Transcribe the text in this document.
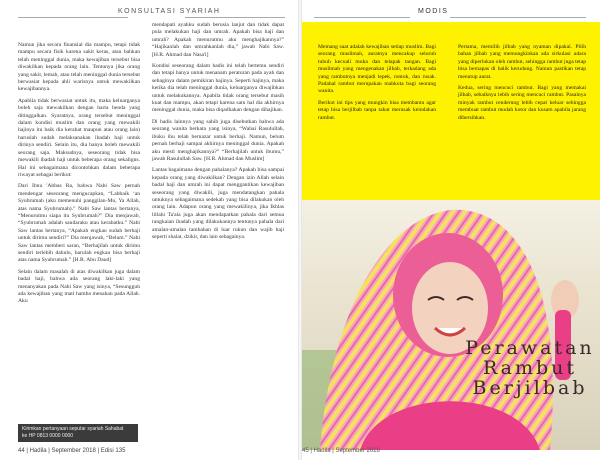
KONSULTASI SYARIAH

Namun jika secara finansial dia mampu, tetapi tidak mampu secara fisik karena sakit keras, atau bahkan telah meninggal dunia, maka kewajiban tersebut bisa diwakilkan kepada orang lain. Tentunya jika orang yang sakit, lemah, atau telah meninggal dunia tersebut berwasiat kepada ahli warisnya untuk mewakilkan kewajibannya.

Apabila tidak berwasiat untuk itu, maka keluarganya boleh saja mewakilkan dengan harta benda yang ditinggalkan. Syaratnya, orang tersebut meninggal dalam kondisi muslim dan orang yang mewakili hajinya itu baik dia kerabat maupun atau orang lain) haruslah sudah melaksanakan ibadah haji untuk dirinya sendiri. Selain itu, dia hanya boleh mewakili seorang saja. Maksudnya, seseorang tidak bisa mewakili ibadah haji untuk beberapa orang sekaligus. Hal ini sebagaimana dicontohkan dalam beberapa riwayat sebagai berikut:

Dari Ibnu 'Abbas Ra, bahwa Nabi Saw pernah mendengar seseorang mengucapkan, “Labbaik ‘an Syubrumah (aku memenuhi panggilan-Mu, Ya Allah, atas nama Syubrumah).” Nabi Saw lantas bertanya, “Menurutmu siapa itu Syubrumah?” Dia menjawab, “Syubrumah adalah saudaraku atau kerabatku.” Nabi Saw lantas bertanya, “Apakah engkau sudah berhaji untuk dirimu sendiri?” Dia menjawab, “Belum.” Nabi Saw lantas memberi saran, “Berhajilah untuk dirimu sendiri terlebih dahulu, barulah engkau bisa berhaji atas nama Syubrumah.” [H.R. Abu Daud]

Selain dalam masalah di atas diwakilkan juga dalam badal haji, bahwa ada seorang laki-laki yang menanyakan pada Nabi Saw yang isinya, “Sesungguh ada kewajiban yang mati hamba menahan pada Allah. Aku

mendapati ayahku sudah berusia lanjut dan tidak dapat pula melakukan haji dan umrah. Apakah bisa haji dan umrah? Apakah menurutmu aku menghajikannya?” “Hajikanlah dan umrahkanlah dia,” jawab Nabi Saw. [H.R. Ahmad dan Nasa'i]

Kondisi seseorang dalam hadis ini telah bertemu sendiri dan tetapi hanya untuk menanam peraturan pada ayah dan sebaginya dalam pemikiran hajinya. Seperti hajinya, maka ketika dia telah meninggal dunia, keluarganya diwajibkan untuk melakukannya. Apabila tidak orang tersebut masih kuat dan mampu, akan tetapi karena satu hal dia akhirnya meninggal dunia, maka bisa diqadhakan dengan dihajikan.

Di hadis lainnya yang sahih juga disebutkan bahwa ada seorang wanita berkata yang isinya, “Wahai Rasulullah, ibuku ibu telah bernazar untuk berhaji. Namun, belum pernah berhaji sampai akhirnya meninggal dunia. Apakah aku mesti menghajikannya?” “Berhajilah untuk ibumu,” jawab Rasulullah Saw. [H.R. Ahmad dan Muslim]

Lantas bagaimana dengan pahalanya? Apakah bisa sampai kepada orang yang diwakilkan? Dengan izin Allah selain badal haji dan umrah ini dapat menggantikan kewajiban seseorang yang diwakili, juga mendatangkan pahala untuknya sebagaimana sedekah yang bisa dilakukan oleh orang lain. Adapun orang yang mewakilinya, jika Ikhlas lillahi Ta'ala juga akan mendapatkan pahala dari semua rangkaian ibadah yang dilakukannya tentunya pahala dari amalan-amalan tambahan di luar rukun dan wajib haji seperti shalat, dzikir, dan lain sebagainya.

Kirimkan pertanyaan seputar syariah Sahabat
ke HP 0813 0000 0000
44 | Hadila | September 2018 | Edisi 135
MODIS

Memang saat adalah kewajiban setiap muslim. Bagi seorang muslimah, auratnya mencakup seluruh tubuh kecuali muka dan telapak tangan. Bagi muslimah yang mengenakan jilbab, terkadang ada yang rambutnya menjadi lepek, rontok, dan rusak. Padahal rambut merupakan mahkota bagi seorang wanita.

Berikut ini tips yang mungkin bisa membantu agar tetap bisa berjilbab tanpa takut merusak keindahan rambut.

Pertama, memilih jilbab yang nyaman dipakai. Pilih bahan jilbab yang memungkinkan ada sirkulasi udara yang diperlukan oleh rambut, sehingga rambut juga tetap bisa bernapas di balik kerudung. Namun pastikan tetap menutup aurat.

Kedua, sering mencuci rambut. Bagi yang memakai jilbab, sebaiknya lebih sering mencuci rambut. Pasalnya minyak rambut cenderung lebih cepat keluar sehingga membuat rambut mudah kotor dan kusam apabila jarang dibersihkan.

Perawatan
Rambut
Berjilbab
45 | Hadila | September 2018
